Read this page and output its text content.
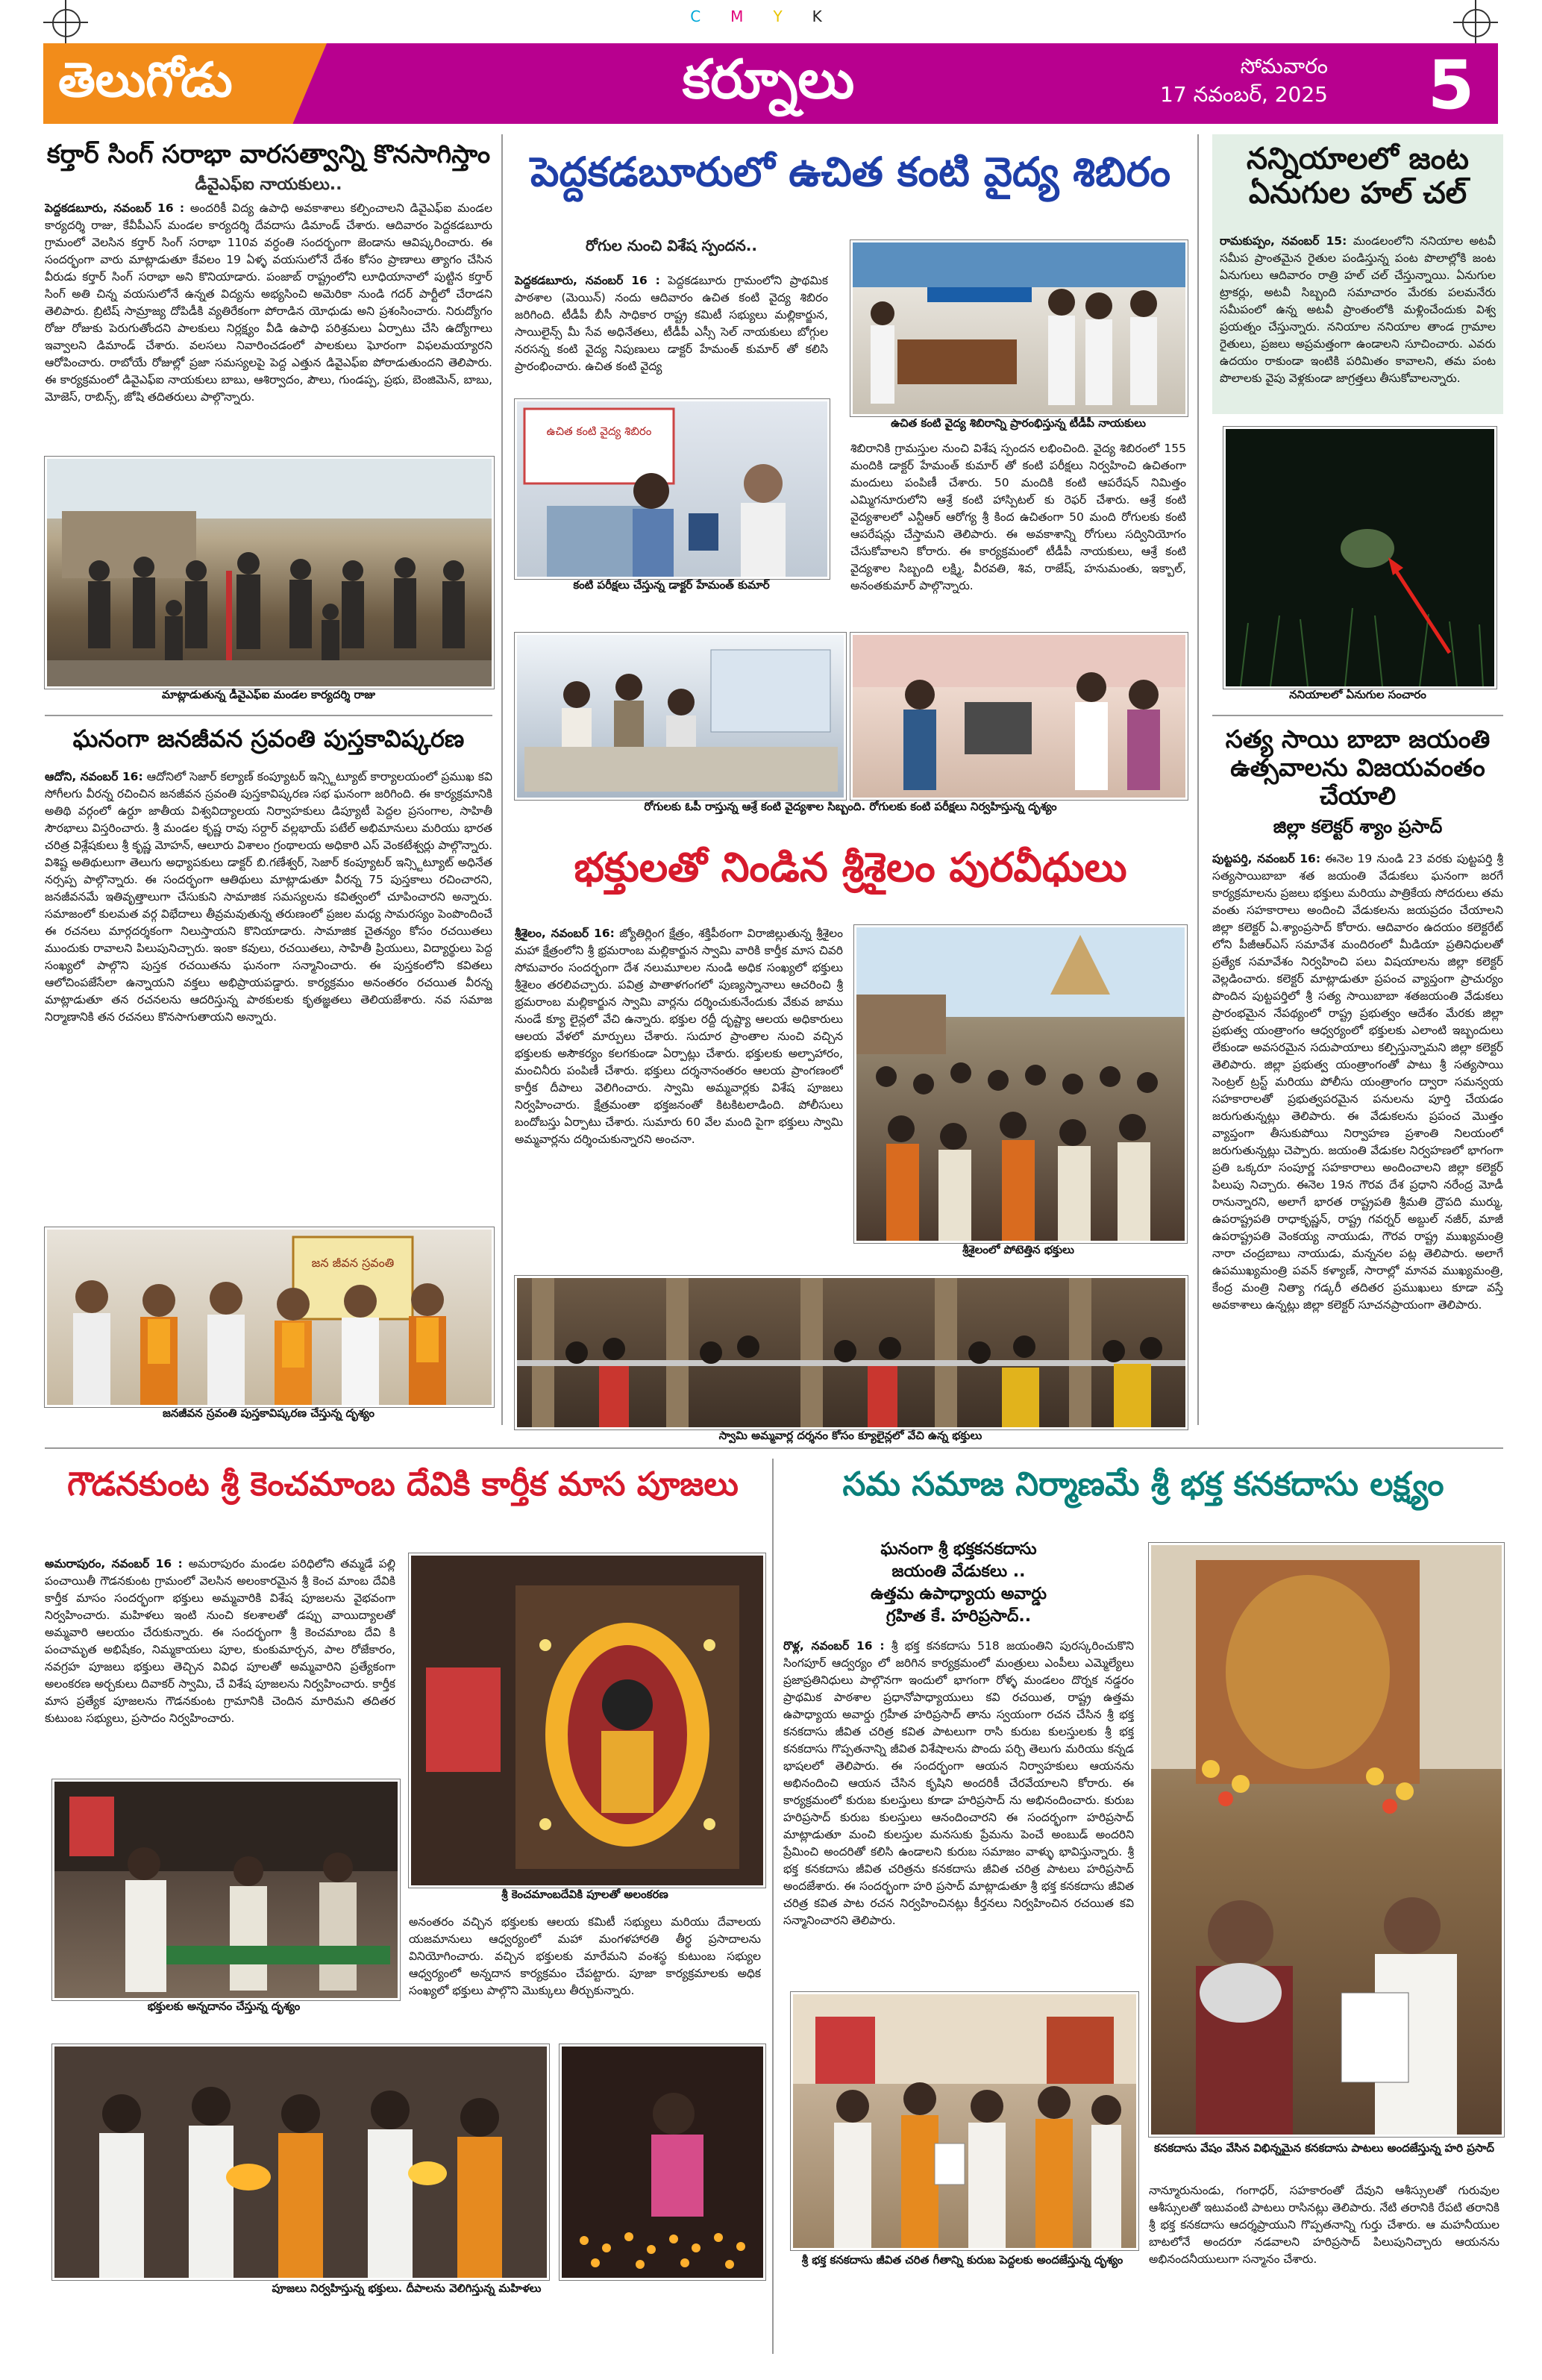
CMYK
తెలుగోడు	కర్నూలు	సోమవారం
17 నవంబర్, 2025 5
కర్తార్ సింగ్ సరాభా వారసత్వాన్ని కొనసాగిస్తాం
డీవైఎఫ్ఐ నాయకులు..
పెద్దకడబూరు, నవంబర్ 16 : అందరికీ విద్య ఉపాధి అవకాశాలు కల్పించాలని డివైఎఫ్ఐ మండల కార్యదర్శి రాజు, కేవీపీఎస్ మండల కార్యదర్శి దేవదాసు డిమాండ్ చేశారు. ఆదివారం పెద్దకడబూరు గ్రామంలో వెలసిన కర్తార్ సింగ్ సరాభా 110వ వర్ధంతి సందర్భంగా జెండాను ఆవిష్కరించారు. ఈ సందర్భంగా వారు మాట్లాడుతూ కేవలం 19 ఏళ్ళ వయసులోనే దేశం కోసం ప్రాణాలు త్యాగం చేసిన వీరుడు కర్తార్ సింగ్ సరాభా అని కొనియాడారు. పంజాబ్ రాష్ట్రంలోని లూధియానాలో పుట్టిన కర్తార్ సింగ్ అతి చిన్న వయసులోనే ఉన్నత విద్యను అభ్యసించి అమెరికా నుండి గదర్ పార్టీలో చేరాడని తెలిపారు. బ్రిటిష్ సామ్రాజ్య దోపిడీకి వ్యతిరేకంగా పోరాడిన యోధుడు అని ప్రశంసించారు. నిరుద్యోగం రోజు రోజుకు పెరుగుతోందని పాలకులు నిర్లక్ష్యం వీడి ఉపాధి పరిశ్రమలు ఏర్పాటు చేసి ఉద్యోగాలు ఇవ్వాలని డిమాండ్ చేశారు. వలసలు నివారించడంలో పాలకులు ఘోరంగా విఫలమయ్యారని ఆరోపించారు. రాబోయే రోజుల్లో ప్రజా సమస్యలపై పెద్ద ఎత్తున డివైఎఫ్ఐ పోరాడుతుందని తెలిపారు. ఈ కార్యక్రమంలో డివైఎఫ్ఐ నాయకులు బాబు, ఆశిర్వాదం, పౌలు, గుండప్ప, ప్రభు, బెంజిమెన్, బాబు, మోజెస్, రాబిన్స్, జోషి తదితరులు పాల్గొన్నారు.
మాట్లాడుతున్న డీవైఎఫ్ఐ మండల కార్యదర్శి రాజు
ఘనంగా జనజీవన స్రవంతి పుస్తకావిష్కరణ
ఆదోని, నవంబర్ 16: ఆదోనిలో సెజార్ కల్యాణ్ కంప్యూటర్ ఇన్స్టిట్యూట్ కార్యాలయంలో ప్రముఖ కవి సోగీలగు వీరన్న రచించిన జనజీవన స్రవంతి పుస్తకావిష్కరణ సభ ఘనంగా జరిగింది. ఈ కార్యక్రమానికి అతిథి వర్గంలో ఉర్దూ జాతీయ విశ్వవిద్యాలయ నిర్వాహకులు డిప్యూటీ పెద్దల ప్రసంగాల, సాహితీ సౌరభాలు విస్తరించారు. శ్రీ మండల కృష్ణ రావు సర్దార్ వల్లభాయ్ పటేల్ అభిమానులు మరియు భారత చరిత్ర విశ్లేషకులు శ్రీ కృష్ణ మోహన్, ఆలూరు విశాలం గ్రంథాలయ అధికారి ఎస్ వెంకటేశ్వర్లు పాల్గొన్నారు. విశిష్ట అతిథులుగా తెలుగు అధ్యాపకులు డాక్టర్ బి.గణేశ్వర్, సెజార్ కంప్యూటర్ ఇన్స్టిట్యూట్ అధినేత నర్సప్ప పాల్గొన్నారు. ఈ సందర్భంగా ఆతిథులు మాట్లాడుతూ వీరన్న 75 పుస్తకాలు రచించారని, జనజీవనమే ఇతివృత్తాలుగా చేసుకుని సామాజిక సమస్యలను కవిత్వంలో చూపించారని అన్నారు. సమాజంలో కులమత వర్గ విభేదాలు తీవ్రమవుతున్న తరుణంలో ప్రజల మధ్య సామరస్యం పెంపొందించే ఈ రచనలు మార్గదర్శకంగా నిలుస్తాయని కొనియాడారు. సామాజిక చైతన్యం కోసం రచయితలు ముందుకు రావాలని పిలుపునిచ్చారు. ఇంకా కవులు, రచయితలు, సాహితీ ప్రియులు, విద్యార్థులు పెద్ద సంఖ్యలో పాల్గొని పుస్తక రచయితను ఘనంగా సన్మానించారు. ఈ పుస్తకంలోని కవితలు ఆలోచింపజేసేలా ఉన్నాయని వక్తలు అభిప్రాయపడ్డారు. కార్యక్రమం అనంతరం రచయిత వీరన్న మాట్లాడుతూ తన రచనలను ఆదరిస్తున్న పాఠకులకు కృతజ్ఞతలు తెలియజేశారు. నవ సమాజ నిర్మాణానికి తన రచనలు కొనసాగుతాయని అన్నారు.
జన జీవన స్రవంతి
జనజీవన స్రవంతి పుస్తకావిష్కరణ చేస్తున్న దృశ్యం
పెద్దకడబూరులో ఉచిత కంటి వైద్య శిబిరం
రోగుల నుంచి విశేష స్పందన..
పెద్దకడబూరు, నవంబర్ 16 : పెద్దకడబూరు గ్రామంలోని ప్రాథమిక పాఠశాల (మెయిన్) నందు ఆదివారం ఉచిత కంటి వైద్య శిబిరం జరిగింది. టీడీపీ బీసీ సాధికార రాష్ట్ర కమిటీ సభ్యులు మల్లికార్జున, సాయిలైన్స్ మీ సేవ అధినేతలు, టీడీపీ ఎస్సీ సెల్ నాయకులు బోగ్గుల నరసన్న కంటి వైద్య నిపుణులు డాక్టర్ హేమంత్ కుమార్ తో కలిసి ప్రారంభించారు. ఉచిత కంటి వైద్య
ఉచిత కంటి వైద్య శిబిరం
కంటి పరీక్షలు చేస్తున్న డాక్టర్ హేమంత్ కుమార్
ఉచిత కంటి వైద్య శిబిరాన్ని ప్రారంభిస్తున్న టీడీపీ నాయకులు
శిబిరానికి గ్రామస్తుల నుంచి విశేష స్పందన లభించింది. వైద్య శిబిరంలో 155 మందికి డాక్టర్ హేమంత్ కుమార్ తో కంటి పరీక్షలు నిర్వహించి ఉచితంగా మందులు పంపిణీ చేశారు. 50 మందికి కంటి ఆపరేషన్ నిమిత్తం ఎమ్మిగనూరులోని ఆశ్రే కంటి హాస్పిటల్ కు రెఫర్ చేశారు. ఆశ్రే కంటి వైద్యశాలలో ఎన్టీఆర్ ఆరోగ్య శ్రీ కింద ఉచితంగా 50 మంది రోగులకు కంటి ఆపరేషన్లు చేస్తామని తెలిపారు. ఈ అవకాశాన్ని రోగులు సద్వినియోగం చేసుకోవాలని కోరారు. ఈ కార్యక్రమంలో టీడీపీ నాయకులు, ఆశ్రే కంటి వైద్యశాల సిబ్బంది లక్ష్మి, వీరవతి, శివ, రాజేష్, హనుమంతు, ఇక్బాల్, అనంతకుమార్ పాల్గొన్నారు.
రోగులకు ఓపీ రాస్తున్న ఆశ్రే కంటి వైద్యశాల సిబ్బంది. రోగులకు కంటి పరీక్షలు నిర్వహిస్తున్న దృశ్యం
భక్తులతో నిండిన శ్రీశైలం పురవీధులు
శ్రీశైలం, నవంబర్ 16: జ్యోతిర్లింగ క్షేత్రం, శక్తిపీఠంగా విరాజిల్లుతున్న శ్రీశైలం మహా క్షేత్రంలోని శ్రీ భ్రమరాంబ మల్లికార్జున స్వామి వారికి కార్తీక మాస చివరి సోమవారం సందర్భంగా దేశ నలుమూలల నుండి అధిక సంఖ్యలో భక్తులు శ్రీశైలం తరలివచ్చారు. పవిత్ర పాతాళగంగలో పుణ్యస్నానాలు ఆచరించి శ్రీ భ్రమరాంబ మల్లికార్జున స్వామి వార్లను దర్శించుకునేందుకు వేకువ జాము నుండే క్యూ లైన్లలో వేచి ఉన్నారు. భక్తుల రద్దీ దృష్ట్యా ఆలయ అధికారులు ఆలయ వేళలో మార్పులు చేశారు. సుదూర ప్రాంతాల నుంచి వచ్చిన భక్తులకు అసౌకర్యం కలగకుండా ఏర్పాట్లు చేశారు. భక్తులకు అల్పాహారం, మంచినీరు పంపిణీ చేశారు. భక్తులు దర్శనానంతరం ఆలయ ప్రాంగణంలో కార్తీక దీపాలు వెలిగించారు. స్వామి అమ్మవార్లకు విశేష పూజలు నిర్వహించారు. క్షేత్రమంతా భక్తజనంతో కిటకిటలాడింది. పోలీసులు బందోబస్తు ఏర్పాటు చేశారు. సుమారు 60 వేల మంది పైగా భక్తులు స్వామి అమ్మవార్లను దర్శించుకున్నారని అంచనా.
శ్రీశైలంలో పోటెత్తిన భక్తులు
స్వామి అమ్మవార్ల దర్శనం కోసం క్యూలైన్లలో వేచి ఉన్న భక్తులు
నన్నియాలలో జంట ఏనుగుల హల్ చల్
రామకుప్పం, నవంబర్ 15: మండలంలోని ననియాల అటవీ సమీప ప్రాంతమైన రైతుల పండిస్తున్న పంట పొలాల్లోకి జంట ఏనుగులు ఆదివారం రాత్రి హల్ చల్ చేస్తున్నాయి. ఏనుగుల ట్రాకర్లు, అటవీ సిబ్బంది సమాచారం మేరకు పలమనేరు సమీపంలో ఉన్న అటవీ ప్రాంతంలోకి మళ్లించేందుకు విశ్వ ప్రయత్నం చేస్తున్నారు. ననియాల ననియాల తాండ గ్రామాల రైతులు, ప్రజలు అప్రమత్తంగా ఉండాలని సూచించారు. ఎవరు ఉదయం రాకుండా ఇంటికి పరిమితం కావాలని, తమ పంట పొలాలకు వైపు వెళ్లకుండా జాగ్రత్తలు తీసుకోవాలన్నారు.
ననియాలలో ఏనుగుల సంచారం
సత్య సాయి బాబా జయంతి ఉత్సవాలను విజయవంతం చేయాలి
జిల్లా కలెక్టర్ శ్యాం ప్రసాద్
పుట్టపర్తి, నవంబర్ 16: ఈనెల 19 నుండి 23 వరకు పుట్టపర్తి శ్రీ సత్యసాయిబాబా శత జయంతి వేడుకలు ఘనంగా జరగే కార్యక్రమాలను ప్రజలు భక్తులు మరియు పాత్రికేయ సోదరులు తమ వంతు సహకారాలు అందించి వేడుకలను జయప్రదం చేయాలని జిల్లా కలెక్టర్ ఏ.శ్యాంప్రసాద్ కోరారు. ఆదివారం ఉదయం కలెక్టరేట్ లోని పీజీఆర్ఎస్ సమావేశ మందిరంలో మీడియా ప్రతినిధులతో ప్రత్యేక సమావేశం నిర్వహించి పలు విషయాలను జిల్లా కలెక్టర్ వెల్లడించారు. కలెక్టర్ మాట్లాడుతూ ప్రపంచ వ్యాప్తంగా ప్రాచుర్యం పొందిన పుట్టపర్తిలో శ్రీ సత్య సాయిబాబా శతజయంతి వేడుకలు ప్రారంభమైన నేపథ్యంలో రాష్ట్ర ప్రభుత్వం ఆదేశం మేరకు జిల్లా ప్రభుత్వ యంత్రాంగం ఆధ్వర్యంలో భక్తులకు ఎలాంటి ఇబ్బందులు లేకుండా అవసరమైన సదుపాయాలు కల్పిస్తున్నామని జిల్లా కలెక్టర్ తెలిపారు. జిల్లా ప్రభుత్వ యంత్రాంగంతో పాటు శ్రీ సత్యసాయి సెంట్రల్ ట్రస్ట్ మరియు పోలీసు యంత్రాంగం ద్వారా సమన్వయ సహకారాలతో ప్రభుత్వపరమైన పనులను పూర్తి చేయడం జరుగుతున్నట్లు తెలిపారు. ఈ వేడుకలను ప్రపంచ మొత్తం వ్యాప్తంగా తీసుకుపోయి నిర్వాహణ ప్రశాంతి నిలయంలో జరుగుతున్నట్లు చెప్పారు. జయంతి వేడుకల నిర్వహణలో భాగంగా ప్రతి ఒక్కరూ సంపూర్ణ సహకారాలు అందించాలని జిల్లా కలెక్టర్ పిలుపు నిచ్చారు. ఈనెల 19న గౌరవ దేశ ప్రధాని నరేంద్ర మోడీ రానున్నారని, అలాగే భారత రాష్ట్రపతి శ్రీమతి ద్రౌపది ముర్ము, ఉపరాష్ట్రపతి రాధాకృష్ణన్, రాష్ట్ర గవర్నర్ అబ్దుల్ నజీర్, మాజీ ఉపరాష్ట్రపతి వెంకయ్య నాయుడు, గౌరవ రాష్ట్ర ముఖ్యమంత్రి నారా చంద్రబాబు నాయుడు, మన్ననల పట్ల తెలిపారు. అలాగే ఉపముఖ్యమంత్రి పవన్ కళ్యాణ్, సారాల్లో మానవ ముఖ్యమంత్రి, కేంద్ర మంత్రి నిత్యా గడ్కరీ తదితర ప్రముఖులు కూడా వస్తే అవకాశాలు ఉన్నట్లు జిల్లా కలెక్టర్ సూచనప్రాయంగా తెలిపారు.
గౌడనకుంట శ్రీ కెంచమాంబ దేవికి కార్తీక మాస పూజలు
అమరాపురం, నవంబర్ 16 : అమరాపురం మండల పరిధిలోని తమ్మడే పల్లి పంచాయితీ గౌడనకుంట గ్రామంలో వెలసిన అలంకారమైన శ్రీ కెంచ మాంబ దేవికి కార్తీక మాసం సందర్భంగా భక్తులు అమ్మవారికి విశేష పూజలను వైభవంగా నిర్వహించారు. మహిళలు ఇంటి నుంచి కలశాలతో డప్పు వాయిద్యాలతో అమ్మవారి ఆలయం చేరుకున్నారు. ఈ సందర్భంగా శ్రీ కెంచమాంబ దేవి కి పంచామృత అభిషేకం, నిమ్మకాయలు పూల, కుంకుమార్చన, పాల రోజేకారం, నవగ్రహ పూజలు భక్తులు తెచ్చిన వివిధ పూలతో అమ్మవారిని ప్రత్యేకంగా అలంకరణ అర్చకులు దివాకర్ స్వామి, చే విశేష పూజలను నిర్వహించారు. కార్తీక మాస ప్రత్యేక పూజలను గౌడనకుంట గ్రామానికి చెందిన మారిమని తదితర కుటుంబ సభ్యులు, ప్రసాదం నిర్వహించారు.
భక్తులకు అన్నదానం చేస్తున్న దృశ్యం
శ్రీ కెంచమాంబదేవికి పూలతో అలంకరణ
అనంతరం వచ్చిన భక్తులకు ఆలయ కమిటీ సభ్యులు మరియు దేవాలయ యజమానులు ఆధ్వర్యంలో మహా మంగళహారతి తీర్థ ప్రసాదాలను వినియోగించారు. వచ్చిన భక్తులకు మారేమని వంశస్థ కుటుంబ సభ్యుల ఆధ్వర్యంలో అన్నదాన కార్యక్రమం చేపట్టారు. పూజా కార్యక్రమాలకు అధిక సంఖ్యలో భక్తులు పాల్గొని మొక్కులు తీర్చుకున్నారు.
పూజలు నిర్వహిస్తున్న భక్తులు. దీపాలను వెలిగిస్తున్న మహిళలు
సమ సమాజ నిర్మాణమే శ్రీ భక్త కనకదాసు లక్ష్యం
ఘనంగా శ్రీ భక్తకనకదాసు
జయంతి వేడుకలు ..
ఉత్తమ ఉపాధ్యాయ అవార్డు
గ్రహిత కే. హరిప్రసాద్..
రొళ్ల, నవంబర్ 16 : శ్రీ భక్త కనకదాసు 518 జయంతిని పురస్కరించుకొని సింగపూర్ ఆద్వర్యం లో జరిగిన కార్యక్రమంలో మంత్రులు ఎంపీలు ఎమ్మెల్యేలు ప్రజాప్రతినిధులు పాల్గొనగా ఇందులో భాగంగా రోళ్ళ మండలం దొర్నక నడ్డరం ప్రాథమిక పాఠశాల ప్రధానోపాధ్యాయులు కవి రచయిత, రాష్ట్ర ఉత్తమ ఉపాధ్యాయ అవార్డు గ్రహీత హరిప్రసాద్ తాను స్వయంగా రచన చేసిన శ్రీ భక్త కనకదాసు జీవిత చరిత్ర కవిత పాటలుగా రాసి కురుబ కులస్తులకు శ్రీ భక్త కనకదాసు గొప్పతనాన్ని జీవిత విశేషాలను పొందు పర్చి తెలుగు మరియు కన్నడ భాషలలో తెలిపారు. ఈ సందర్భంగా ఆయన నిర్వాహకులు ఆయనను అభినందించి ఆయన చేసిన కృషిని అందరికీ చేరవేయాలని కోరారు. ఈ కార్యక్రమంలో కురుబ కులస్తులు కూడా హరిప్రసాద్ ను అభినందించారు. కురుబ హరిప్రసాద్ కురుబ కులస్తులు ఆనందించారని ఈ సందర్భంగా హరిప్రసాద్ మాట్లాడుతూ మంచి కులస్తుల మనసుకు ప్రేమను పెంచే అంబుడ్ అందరిని ప్రేమించి అందరితో కలిసి ఉండాలని కురుబ సమాజం వాళ్ళు భావిస్తున్నారు. శ్రీ భక్త కనకదాసు జీవిత చరిత్రను కనకదాసు జీవిత చరిత్ర పాటలు హరిప్రసాద్ అందజేశారు. ఈ సందర్భంగా హరి ప్రసాద్ మాట్లాడుతూ శ్రీ భక్త కనకదాసు జీవిత చరిత్ర కవిత పాట రచన నిర్వహించినట్లు కీర్తనలు నిర్వహించిన రచయిత కవి సన్మానించారని తెలిపారు.
శ్రీ భక్త కనకదాసు జీవిత చరిత గీతాన్ని కురుబ పెద్దలకు అందజేస్తున్న దృశ్యం
కనకదాసు వేషం వేసిన విభిన్నమైన కనకదాసు పాటలు అందజేస్తున్న హరి ప్రసాద్
నాన్మూరునుండు, గంగాధర్, సహకారంతో దేవుని ఆశీస్సులతో గురువుల ఆశీస్సులతో ఇటువంటి పాటలు రాసినట్లు తెలిపారు. నేటి తరానికి రేపటి తరానికి శ్రీ భక్త కనకదాసు ఆదర్శప్రాయుని గొప్పతనాన్ని గుర్తు చేశారు. ఆ మహనీయుల బాటలోనే అందరూ నడవాలని హరిప్రసాద్ పిలుపునిచ్చారు ఆయనను అభినందనీయులుగా సన్మానం చేశారు.
